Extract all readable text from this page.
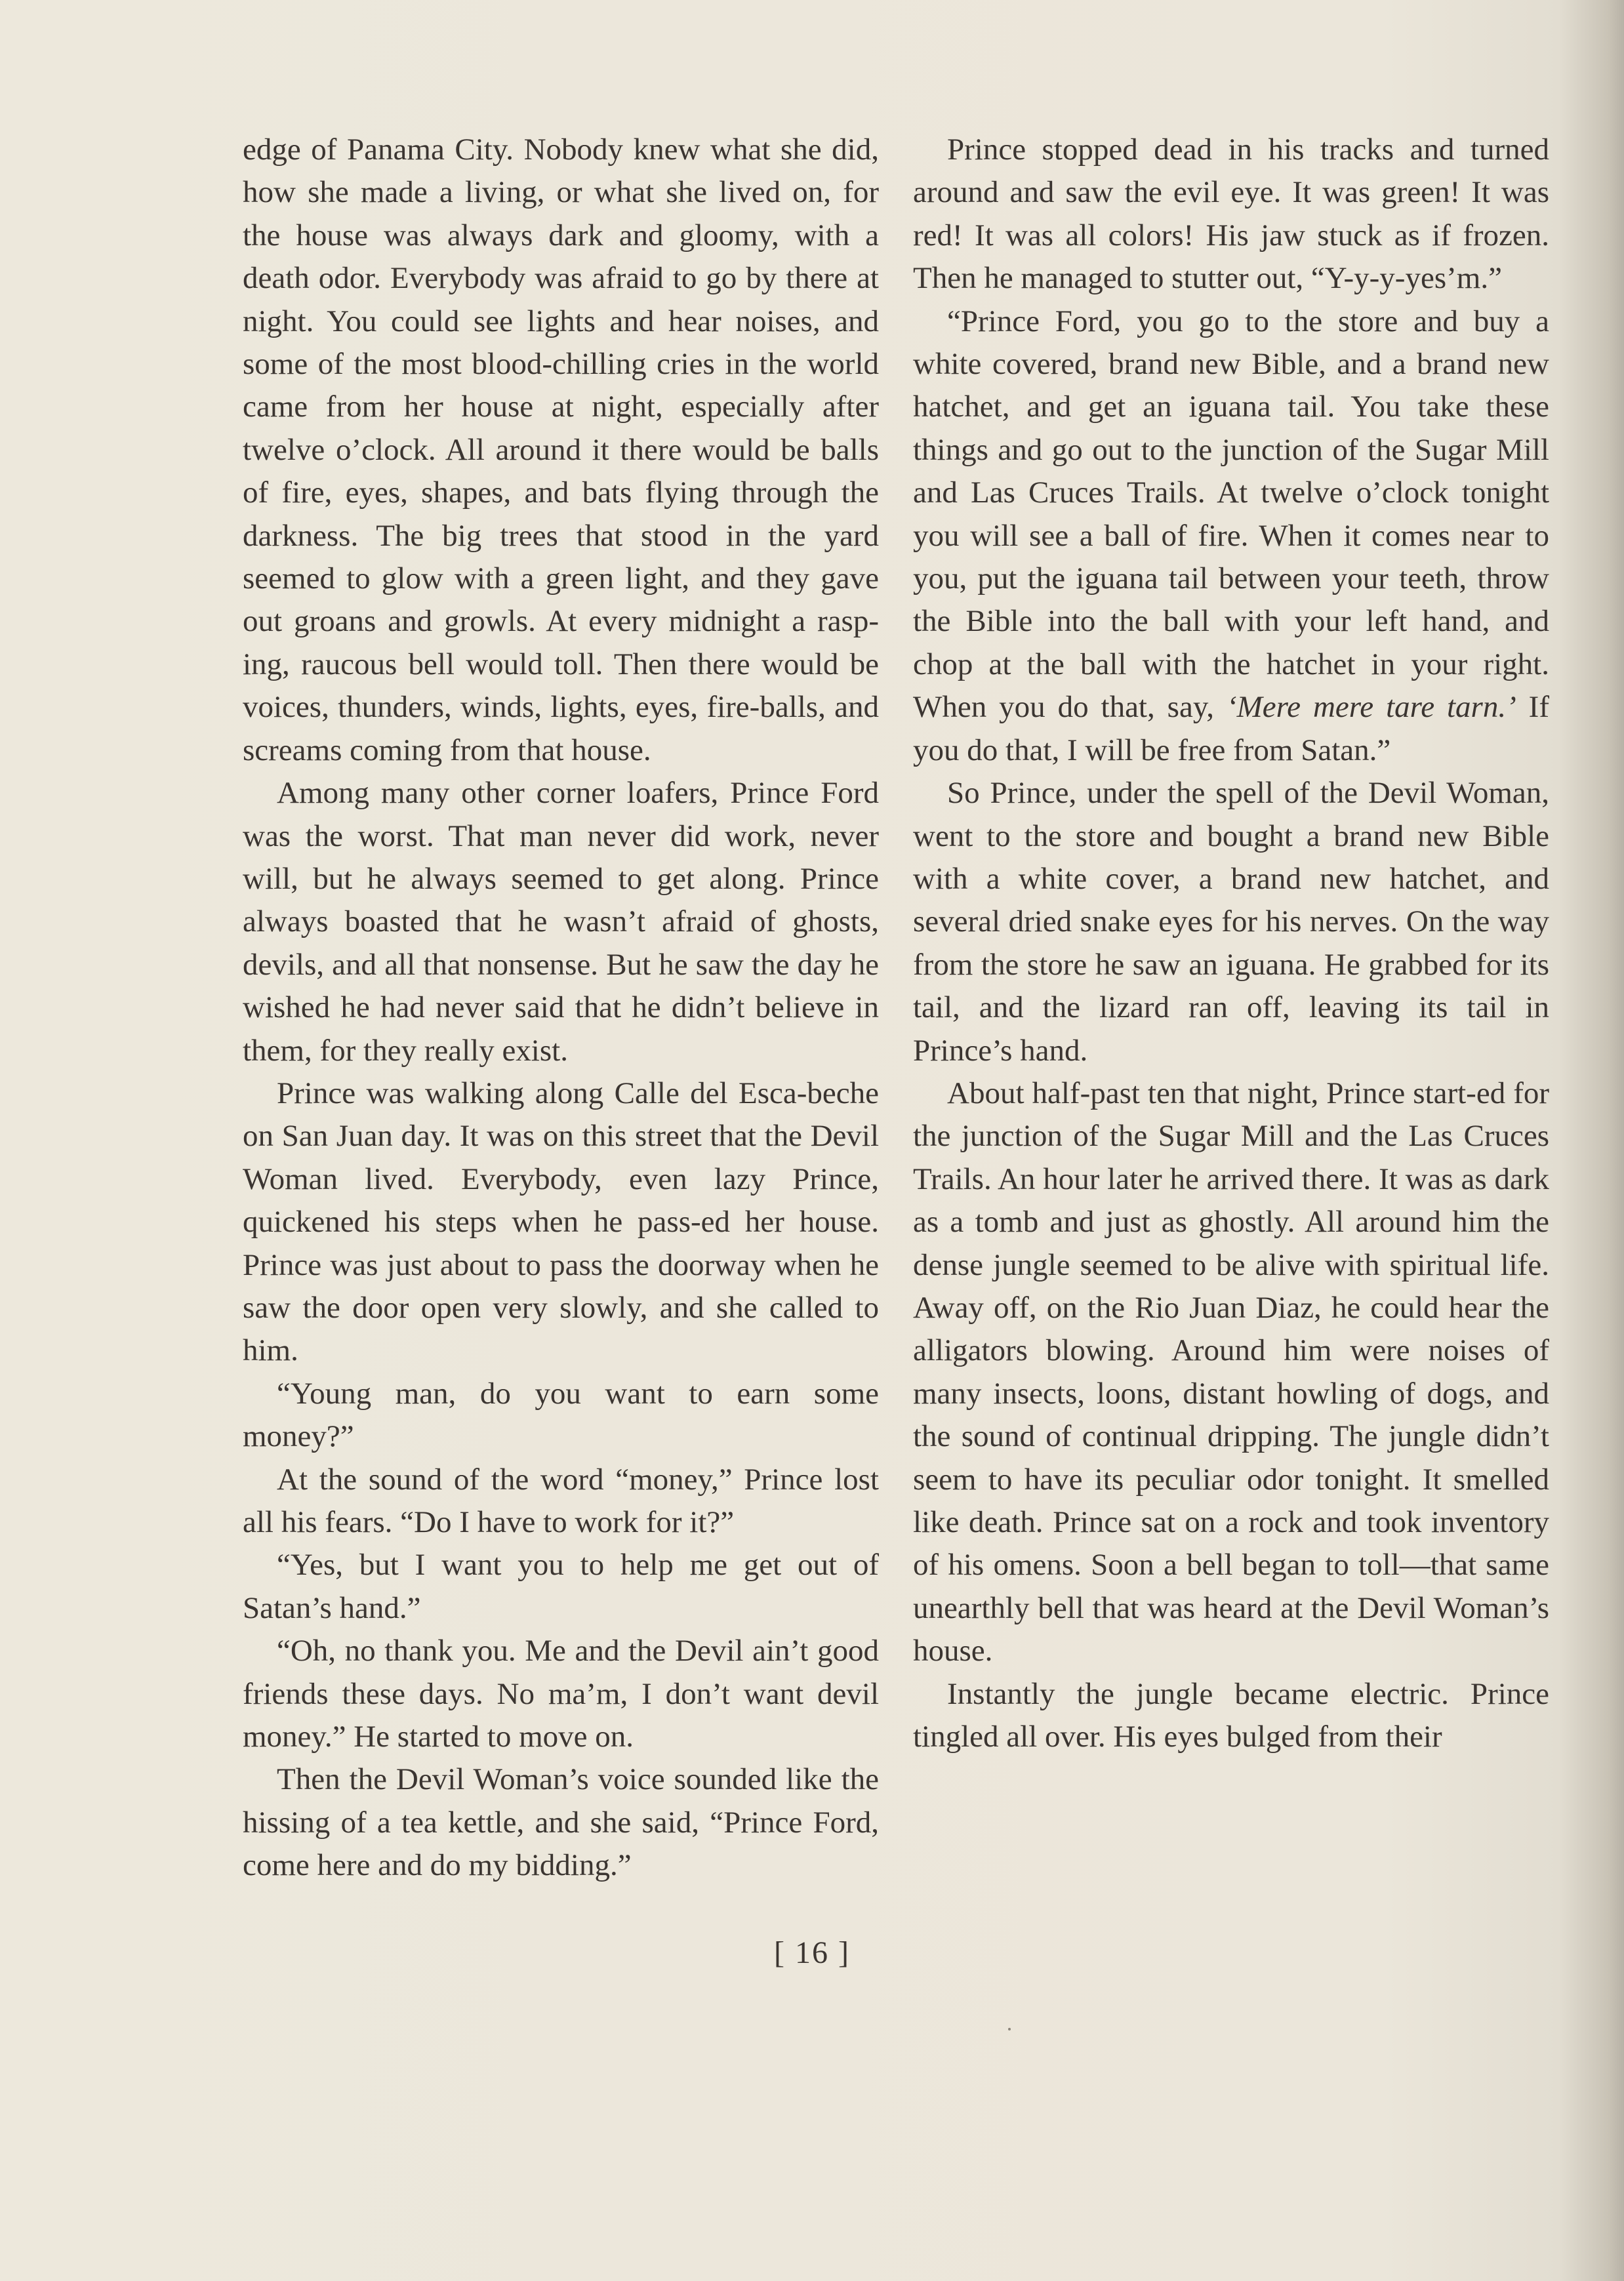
edge of Panama City. Nobody knew what she did, how she made a living, or what she lived on, for the house was always dark and gloomy, with a death odor. Everybody was afraid to go by there at night. You could see lights and hear noises, and some of the most blood-chilling cries in the world came from her house at night, especially after twelve o’clock. All around it there would be balls of fire, eyes, shapes, and bats flying through the darkness. The big trees that stood in the yard seemed to glow with a green light, and they gave out groans and growls. At every midnight a rasp-ing, raucous bell would toll. Then there would be voices, thunders, winds, lights, eyes, fire-balls, and screams coming from that house.

Among many other corner loafers, Prince Ford was the worst. That man never did work, never will, but he always seemed to get along. Prince always boasted that he wasn’t afraid of ghosts, devils, and all that nonsense. But he saw the day he wished he had never said that he didn’t believe in them, for they really exist.

Prince was walking along Calle del Esca-beche on San Juan day. It was on this street that the Devil Woman lived. Everybody, even lazy Prince, quickened his steps when he pass-ed her house. Prince was just about to pass the doorway when he saw the door open very slowly, and she called to him.

“Young man, do you want to earn some money?”

At the sound of the word “money,” Prince lost all his fears. “Do I have to work for it?”

“Yes, but I want you to help me get out of Satan’s hand.”

“Oh, no thank you. Me and the Devil ain’t good friends these days. No ma’m, I don’t want devil money.” He started to move on.

Then the Devil Woman’s voice sounded like the hissing of a tea kettle, and she said, “Prince Ford, come here and do my bidding.”

Prince stopped dead in his tracks and turned around and saw the evil eye. It was green! It was red! It was all colors! His jaw stuck as if frozen. Then he managed to stutter out, “Y-y-y-yes’m.”

“Prince Ford, you go to the store and buy a white covered, brand new Bible, and a brand new hatchet, and get an iguana tail. You take these things and go out to the junction of the Sugar Mill and Las Cruces Trails. At twelve o’clock tonight you will see a ball of fire. When it comes near to you, put the iguana tail between your teeth, throw the Bible into the ball with your left hand, and chop at the ball with the hatchet in your right. When you do that, say, ‘Mere mere tare tarn.’ If you do that, I will be free from Satan.”

So Prince, under the spell of the Devil Woman, went to the store and bought a brand new Bible with a white cover, a brand new hatchet, and several dried snake eyes for his nerves. On the way from the store he saw an iguana. He grabbed for its tail, and the lizard ran off, leaving its tail in Prince’s hand.

About half-past ten that night, Prince start-ed for the junction of the Sugar Mill and the Las Cruces Trails. An hour later he arrived there. It was as dark as a tomb and just as ghostly. All around him the dense jungle seemed to be alive with spiritual life. Away off, on the Rio Juan Diaz, he could hear the alligators blowing. Around him were noises of many insects, loons, distant howling of dogs, and the sound of continual dripping. The jungle didn’t seem to have its peculiar odor tonight. It smelled like death. Prince sat on a rock and took inventory of his omens. Soon a bell began to toll—that same unearthly bell that was heard at the Devil Woman’s house.

Instantly the jungle became electric. Prince tingled all over. His eyes bulged from their

[ 16 ]
